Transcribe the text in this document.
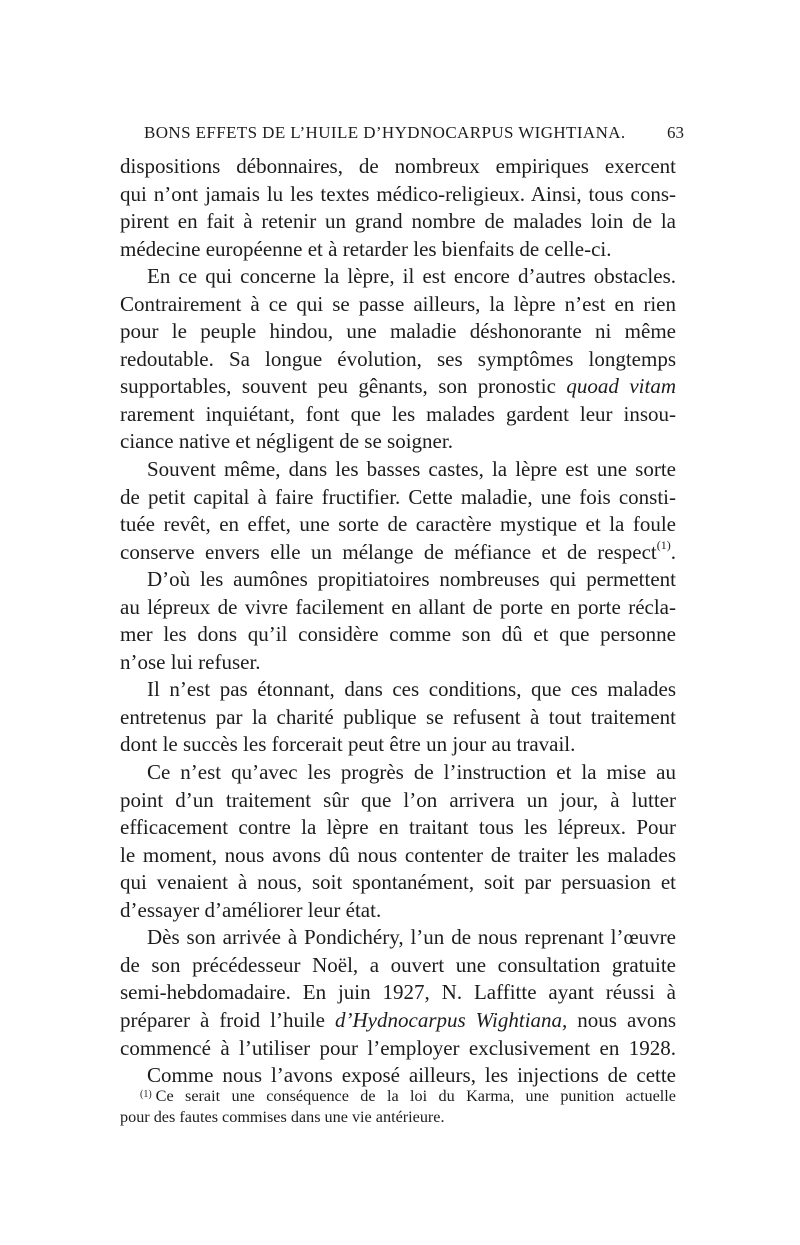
BONS EFFETS DE L’HUILE D’HYDNOCARPUS WIGHTIANA. 63
dispositions débonnaires, de nombreux empiriques exercent
qui n’ont jamais lu les textes médico-religieux. Ainsi, tous cons-
pirent en fait à retenir un grand nombre de malades loin de la
médecine européenne et à retarder les bienfaits de celle-ci.
En ce qui concerne la lèpre, il est encore d’autres obstacles.
Contrairement à ce qui se passe ailleurs, la lèpre n’est en rien
pour le peuple hindou, une maladie déshonorante ni même
redoutable. Sa longue évolution, ses symptômes longtemps
supportables, souvent peu gênants, son pronostic quoad vitam
rarement inquiétant, font que les malades gardent leur insou-
ciance native et négligent de se soigner.
Souvent même, dans les basses castes, la lèpre est une sorte
de petit capital à faire fructifier. Cette maladie, une fois consti-
tuée revêt, en effet, une sorte de caractère mystique et la foule
conserve envers elle un mélange de méfiance et de respect$^{(1)}$.
D’où les aumônes propitiatoires nombreuses qui permettent
au lépreux de vivre facilement en allant de porte en porte récla-
mer les dons qu’il considère comme son dû et que personne
n’ose lui refuser.
Il n’est pas étonnant, dans ces conditions, que ces malades
entretenus par la charité publique se refusent à tout traitement
dont le succès les forcerait peut être un jour au travail.
Ce n’est qu’avec les progrès de l’instruction et la mise au
point d’un traitement sûr que l’on arrivera un jour, à lutter
efficacement contre la lèpre en traitant tous les lépreux. Pour
le moment, nous avons dû nous contenter de traiter les malades
qui venaient à nous, soit spontanément, soit par persuasion et
d’essayer d’améliorer leur état.
Dès son arrivée à Pondichéry, l’un de nous reprenant l’œuvre
de son précédesseur Noël, a ouvert une consultation gratuite
semi-hebdomadaire. En juin 1927, N. Laffitte ayant réussi à
préparer à froid l’huile d’Hydnocarpus Wightiana, nous avons
commencé à l’utiliser pour l’employer exclusivement en 1928.
Comme nous l’avons exposé ailleurs, les injections de cette
$^{(1)}$ Ce serait une conséquence de la loi du Karma, une punition actuelle
pour des fautes commises dans une vie antérieure.
